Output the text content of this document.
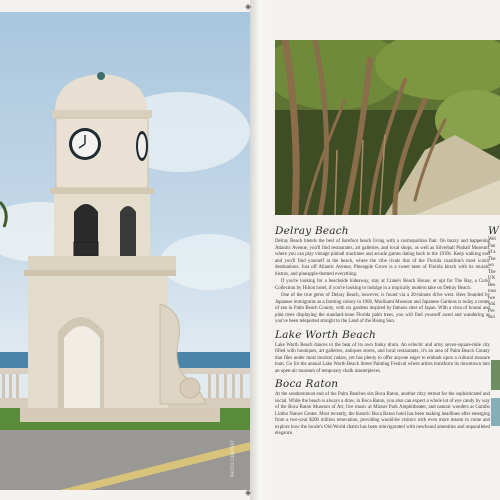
PHOTO COURTESY
◈
◈
Delray Beach

Delray Beach blends the best of barefoot beach living with a cosmopolitan flair. On buzzy and happening Atlantic Avenue, you'll find restaurants, art galleries, and local shops, as well as Silverball Pinball Museum, where you can play vintage pinball machines and arcade games dating back to the 1930s. Keep walking east and you'll find yourself at the beach, where the vibe rivals that of the Florida coastline's most iconic destinations. Just off Atlantic Avenue, Pineapple Grove is a sweet taste of Florida kitsch with its murals, bistros, and pineapple-themed everything.

If you're looking for a beachside hideaway, stay at Crane's Beach House, or opt for The Ray, a Curio Collection by Hilton hotel, if you're looking to indulge in a tropically modern take on Delray Beach.

One of the true gems of Delray Beach, however, is found via a 20-minute drive west. Here founded by Japanese immigrants as a farming colony in 1906, Morikami Museum and Japanese Gardens is today a center of zen in Palm Beach County, with six gardens inspired by famous sites of Japan. With a vista of bonsai and pine trees displaying the standard-issue Florida palm trees, you will find yourself awed and wandering as you've been teleported straight to the Land of the Rising Sun.

Lake Worth Beach

Lake Worth Beach dances to the beat of its own funky drum. An eclectic and artsy seven-square-mile city filled with boutiques, art galleries, antiques stores, and local restaurants, it's an area of Palm Beach County that flies under most tourists' radars, yet has plenty to offer anyone eager to embark upon a cultural treasure hunt. Go for the annual Lake Worth Beach Street Painting Festival where artists transform its downtown into an open-air museum of temporary chalk masterpieces.

Boca Raton

At the southernmost end of the Palm Beaches sits Boca Raton, another ritzy retreat for the sophisticated and social. While the beach is always a draw, in Boca Raton, you also can expect a whole lot of eye candy by way of the Boca Raton Museum of Art, live music at Mizner Park Amphitheater, and natural wonders at Gumbo Limbo Nature Center. Most recently, the historic Boca Raton hotel has been making headlines after emerging from a two-year $200 million renovation, providing would-be visitors with even more reason to come and explore how the locale's Old-World charm has been reinvigorated with newfound amenities and unparalleled elegance.

W
Wel
Pan
of a
The
wo
The
UN
Bes
mos
twe
whi
Pre
sun
